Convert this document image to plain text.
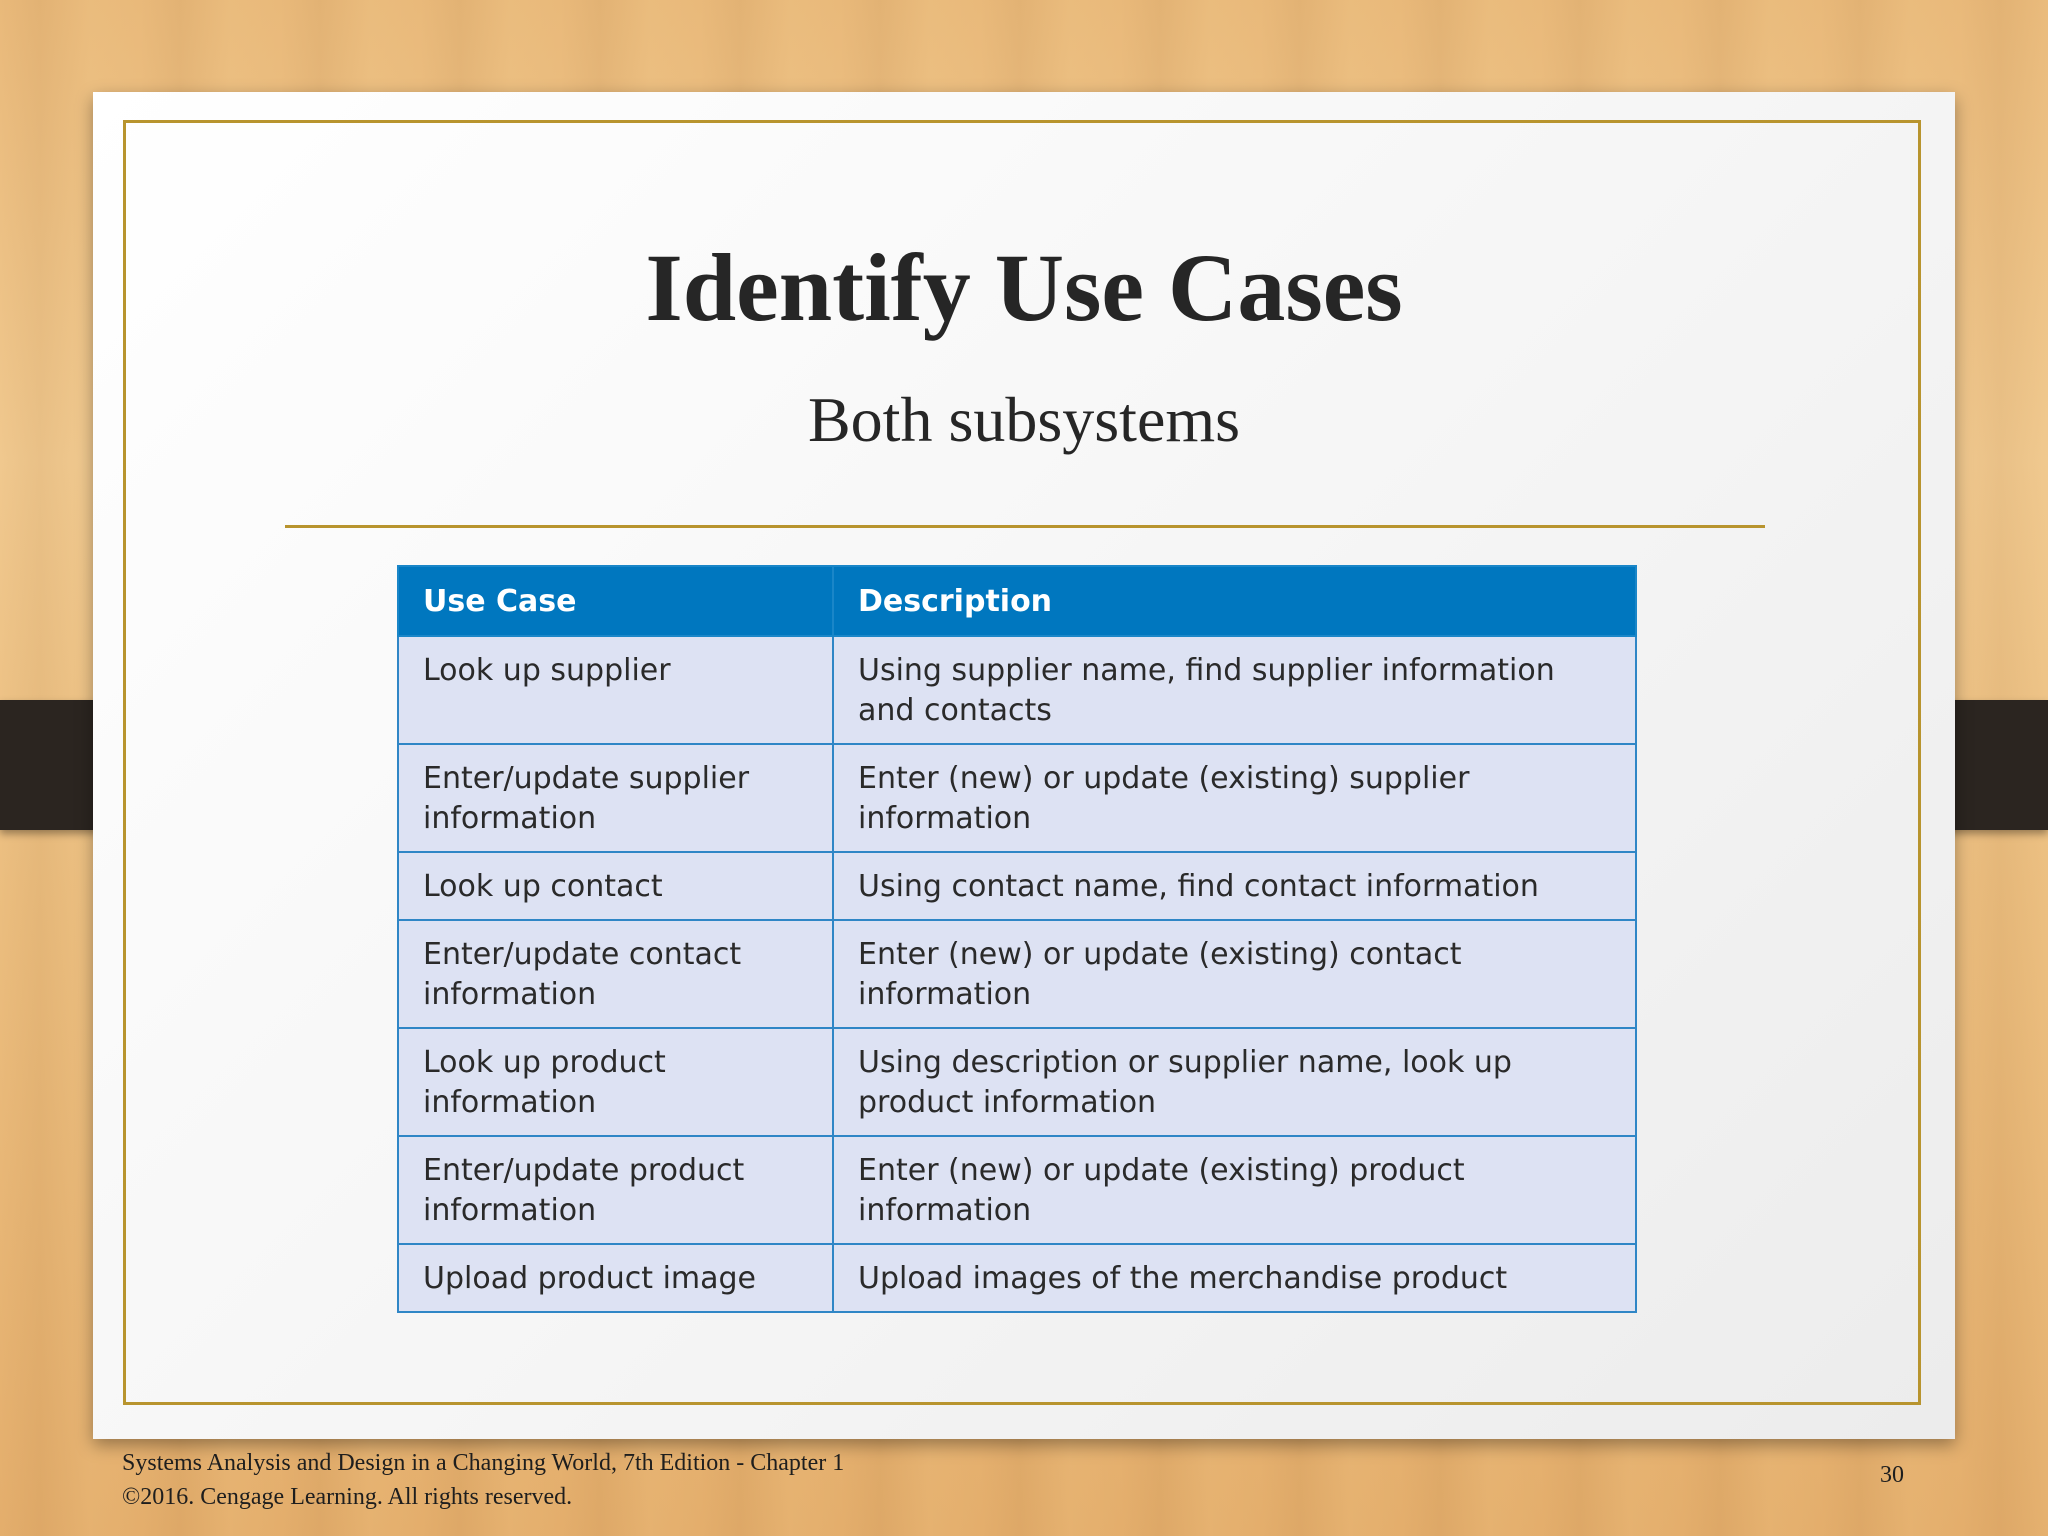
Identify Use Cases
Both subsystems
Use Case	Description
Look up supplier	Using supplier name, find supplier information and contacts
Enter/update supplier information	Enter (new) or update (existing) supplier information
Look up contact	Using contact name, find contact information
Enter/update contact information	Enter (new) or update (existing) contact information
Look up product information	Using description or supplier name, look up product information
Enter/update product information	Enter (new) or update (existing) product information
Upload product image	Upload images of the merchandise product
Systems Analysis and Design in a Changing World, 7th Edition - Chapter 1
©2016. Cengage Learning. All rights reserved.
30
